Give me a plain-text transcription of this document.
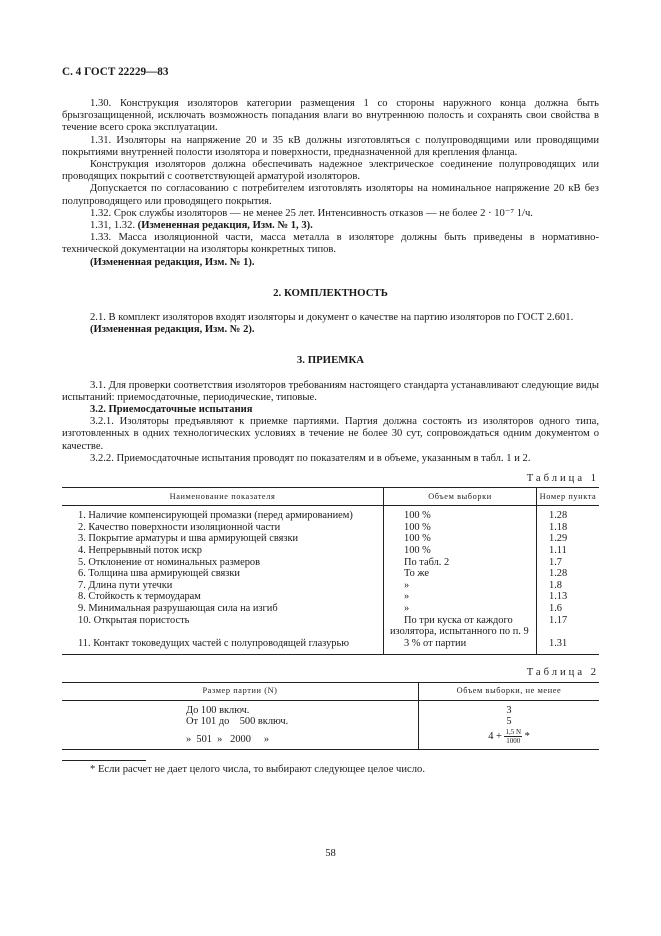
С. 4 ГОСТ 22229—83

1.30. Конструкция изоляторов категории размещения 1 со стороны наружного конца должна быть брызгозащищенной, исключать возможность попадания влаги во внутреннюю полость и сохранять свои свойства в течение всего срока эксплуатации.

1.31. Изоляторы на напряжение 20 и 35 кВ должны изготовляться с полупроводящими или проводящими покрытиями внутренней полости изолятора и поверхности, предназначенной для крепления фланца.

Конструкция изоляторов должна обеспечивать надежное электрическое соединение полупроводящих или проводящих покрытий с соответствующей арматурой изоляторов.

Допускается по согласованию с потребителем изготовлять изоляторы на номинальное напряжение 20 кВ без полупроводящего или проводящего покрытия.

1.32. Срок службы изоляторов — не менее 25 лет. Интенсивность отказов — не более 2 · 10⁻⁷ 1/ч.

1.31, 1.32. (Измененная редакция, Изм. № 1, 3).

1.33. Масса изоляционной части, масса металла в изоляторе должны быть приведены в нормативно-технической документации на изоляторы конкретных типов.

(Измененная редакция, Изм. № 1).

2. КОМПЛЕКТНОСТЬ

2.1. В комплект изоляторов входят изоляторы и документ о качестве на партию изоляторов по ГОСТ 2.601.

(Измененная редакция, Изм. № 2).

3. ПРИЕМКА

3.1. Для проверки соответствия изоляторов требованиям настоящего стандарта устанавливают следующие виды испытаний: приемосдаточные, периодические, типовые.

3.2. Приемосдаточные испытания

3.2.1. Изоляторы предъявляют к приемке партиями. Партия должна состоять из изоляторов одного типа, изготовленных в одних технологических условиях в течение не более 30 сут, сопровождаться одним документом о качестве.

3.2.2. Приемосдаточные испытания проводят по показателям и в объеме, указанным в табл. 1 и 2.

Таблица 1
Наименование показателя	Объем выборки	Номер пункта
1. Наличие компенсирующей промазки (перед армированием)	100 %	1.28
2. Качество поверхности изоляционной части	100 %	1.18
3. Покрытие арматуры и шва армирующей связки	100 %	1.29
4. Непрерывный поток искр	100 %	1.11
5. Отклонение от номинальных размеров	По табл. 2	1.7
6. Толщина шва армирующей связки	То же	1.28
7. Длина пути утечки	»	1.8
8. Стойкость к термоударам	»	1.13
9. Минимальная разрушающая сила на изгиб	»	1.6
10. Открытая пористость	По три куска от каждого изолятора, испытанного по п. 9	1.17
11. Контакт токоведущих частей с полупроводящей глазурью	3 % от партии	1.31
Таблица 2
Размер партии (N)	Объем выборки, не менее
До 100 включ.	3
От 101 до    500 включ.	5
»  501  »   2000     »	$4 + \frac{1,5 N}{1000}$ *

* Если расчет не дает целого числа, то выбирают следующее целое число.

58
